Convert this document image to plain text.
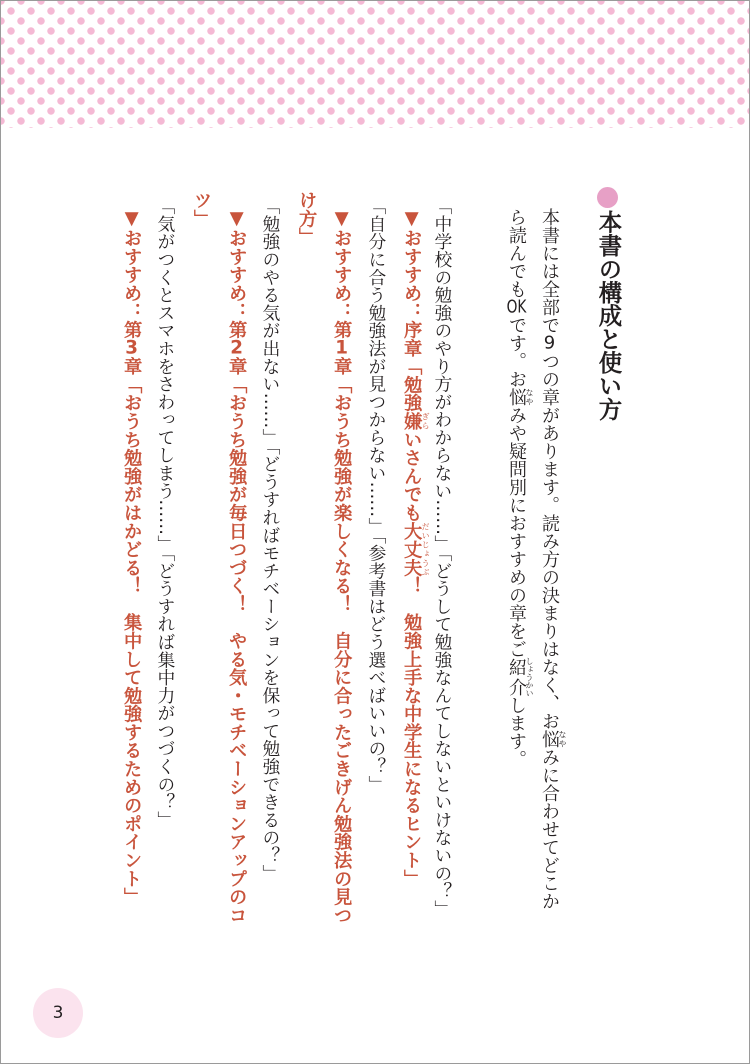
本書の構成と使い方
本書には全部で9つの章があります。読み方の決まりはなく、お悩なやみに合わせてどこか
ら読んでもOKです。お悩なやみや疑問別におすすめの章をご紹介しょうかいします。
「中学校の勉強のやり方がわからない……」「どうして勉強なんてしないといけないの？」
▼おすすめ：序章「勉強嫌 ぎらいさんでも大丈夫 だいじょうぶ！　勉強上手な中学生になるヒント」
「自分に合う勉強法が見つからない……」「参考書はどう選べばいいの？」
▼おすすめ：第1章「おうち勉強が楽しくなる！　自分に合ったごきげん勉強法の見つ
け方」
「勉強のやる気が出ない……」「どうすればモチベーションを保って勉強できるの？」
▼おすすめ：第2章「おうち勉強が毎日つづく！　やる気・モチベーションアップのコ
ツ」
「気がつくとスマホをさわってしまう……」「どうすれば集中力がつづくの？」
▼おすすめ：第3章「おうち勉強がはかどる！　集中して勉強するためのポイント」
3
